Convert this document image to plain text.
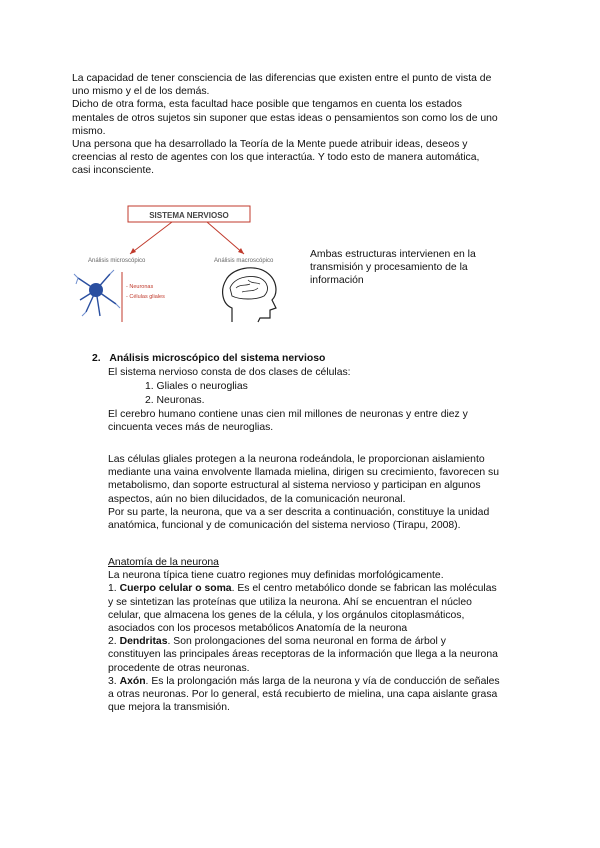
La capacidad de tener consciencia de las diferencias que existen entre el punto de vista de

uno mismo y el de los demás.

Dicho de otra forma, esta facultad hace posible que tengamos en cuenta los estados

mentales de otros sujetos sin suponer que estas ideas o pensamientos son como los de uno

mismo.

Una persona que ha desarrollado la Teoría de la Mente puede atribuir ideas, deseos y

creencias al resto de agentes con los que interactúa. Y todo esto de manera automática,

casi inconsciente.

SISTEMA NERVIOSO
Análisis microscópico	Análisis macroscópico
- Neuronas
- Células gliales

Ambas estructuras intervienen en la

transmisión y procesamiento de la

información

2. Análisis microscópico del sistema nervioso

El sistema nervioso consta de dos clases de células:

1. Gliales o neuroglias
2. Neuronas.

El cerebro humano contiene unas cien mil millones de neuronas y entre diez y

cincuenta veces más de neuroglias.

Las células gliales protegen a la neurona rodeándola, le proporcionan aislamiento

mediante una vaina envolvente llamada mielina, dirigen su crecimiento, favorecen su

metabolismo, dan soporte estructural al sistema nervioso y participan en algunos

aspectos, aún no bien dilucidados, de la comunicación neuronal.

Por su parte, la neurona, que va a ser descrita a continuación, constituye la unidad

anatómica, funcional y de comunicación del sistema nervioso (Tirapu, 2008).

Anatomía de la neurona

La neurona típica tiene cuatro regiones muy definidas morfológicamente.

1. Cuerpo celular o soma. Es el centro metabólico donde se fabrican las moléculas

y se sintetizan las proteínas que utiliza la neurona. Ahí se encuentran el núcleo

celular, que almacena los genes de la célula, y los orgánulos citoplasmáticos,

asociados con los procesos metabólicos Anatomía de la neurona

2. Dendritas. Son prolongaciones del soma neuronal en forma de árbol y

constituyen las principales áreas receptoras de la información que llega a la neurona

procedente de otras neuronas.

3. Axón. Es la prolongación más larga de la neurona y vía de conducción de señales

a otras neuronas. Por lo general, está recubierto de mielina, una capa aislante grasa

que mejora la transmisión.
